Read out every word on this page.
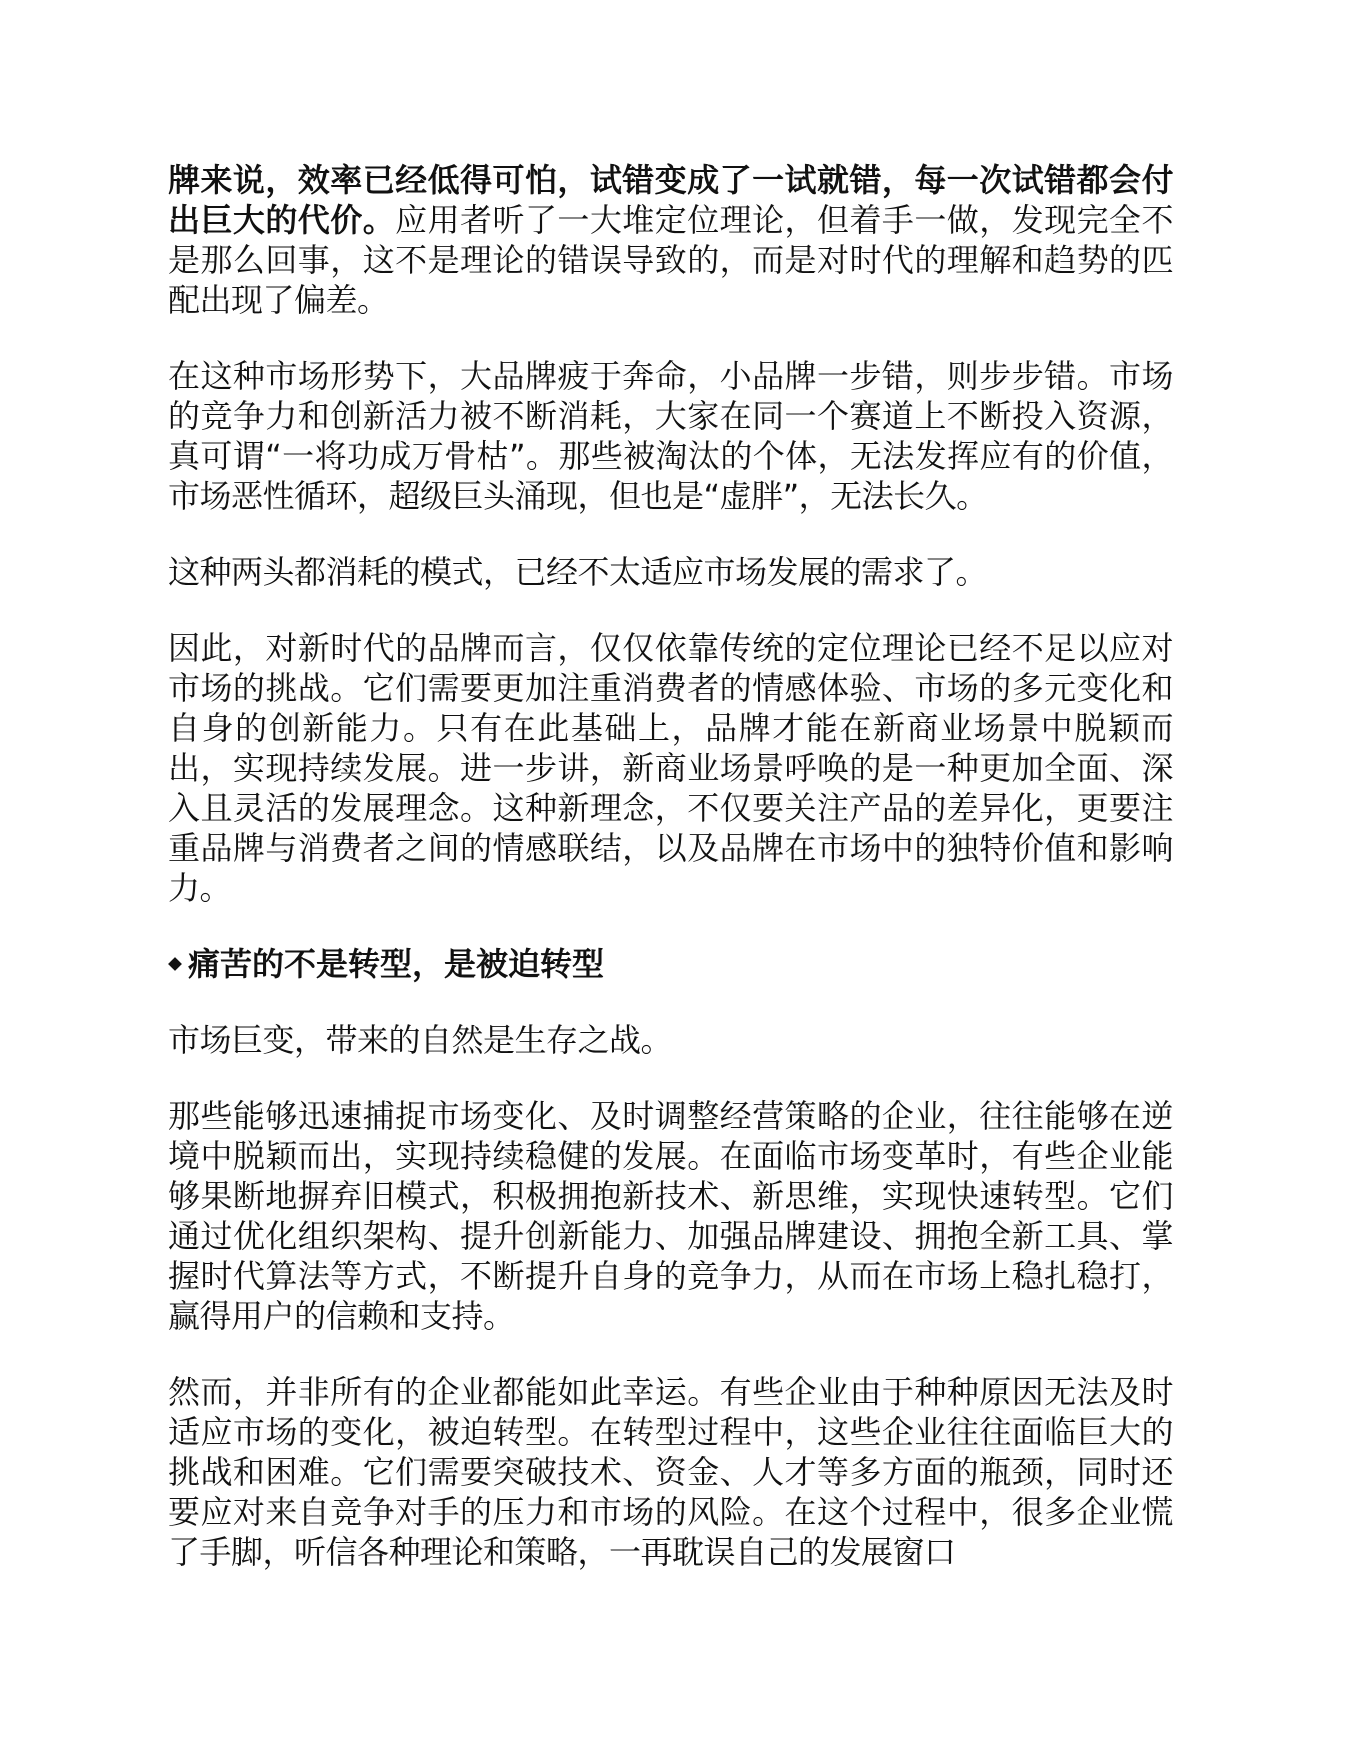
牌来说，效率已经低得可怕，试错变成了一试就错，每一次试错都会付出巨大的代价。应用者听了一大堆定位理论，但着手一做，发现完全不是那么回事，这不是理论的错误导致的，而是对时代的理解和趋势的匹配出现了偏差。

在这种市场形势下，大品牌疲于奔命，小品牌一步错，则步步错。市场的竞争力和创新活力被不断消耗，大家在同一个赛道上不断投入资源，真可谓“一将功成万骨枯”。那些被淘汰的个体，无法发挥应有的价值，市场恶性循环，超级巨头涌现，但也是“虚胖”，无法长久。

这种两头都消耗的模式，已经不太适应市场发展的需求了。

因此，对新时代的品牌而言，仅仅依靠传统的定位理论已经不足以应对市场的挑战。它们需要更加注重消费者的情感体验、市场的多元变化和自身的创新能力。只有在此基础上，品牌才能在新商业场景中脱颖而出，实现持续发展。进一步讲，新商业场景呼唤的是一种更加全面、深入且灵活的发展理念。这种新理念，不仅要关注产品的差异化，更要注重品牌与消费者之间的情感联结，以及品牌在市场中的独特价值和影响力。

痛苦的不是转型，是被迫转型

市场巨变，带来的自然是生存之战。

那些能够迅速捕捉市场变化、及时调整经营策略的企业，往往能够在逆境中脱颖而出，实现持续稳健的发展。在面临市场变革时，有些企业能够果断地摒弃旧模式，积极拥抱新技术、新思维，实现快速转型。它们通过优化组织架构、提升创新能力、加强品牌建设、拥抱全新工具、掌握时代算法等方式，不断提升自身的竞争力，从而在市场上稳扎稳打，赢得用户的信赖和支持。

然而，并非所有的企业都能如此幸运。有些企业由于种种原因无法及时适应市场的变化，被迫转型。在转型过程中，这些企业往往面临巨大的挑战和困难。它们需要突破技术、资金、人才等多方面的瓶颈，同时还要应对来自竞争对手的压力和市场的风险。在这个过程中，很多企业慌了手脚，听信各种理论和策略，一再耽误自己的发展窗口
